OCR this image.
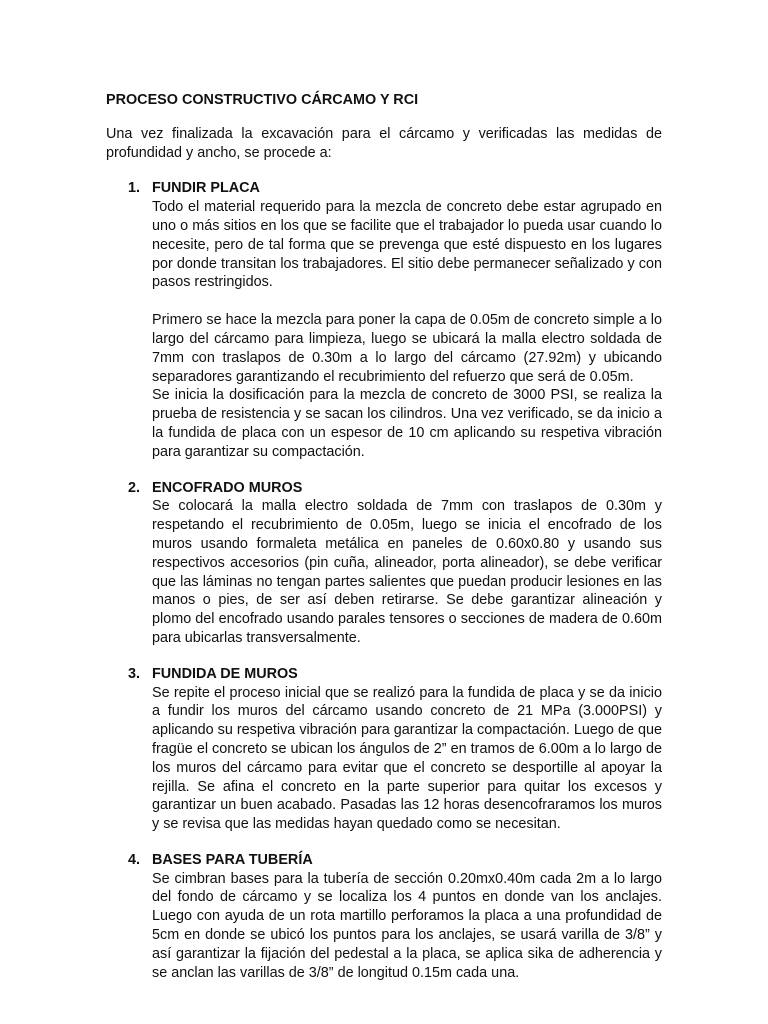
PROCESO CONSTRUCTIVO CÁRCAMO Y RCI

Una vez finalizada la excavación para el cárcamo y verificadas las medidas de profundidad y ancho, se procede a:

1. FUNDIR PLACA

Todo el material requerido para la mezcla de concreto debe estar agrupado en uno o más sitios en los que se facilite que el trabajador lo pueda usar cuando lo necesite, pero de tal forma que se prevenga que esté dispuesto en los lugares por donde transitan los trabajadores. El sitio debe permanecer señalizado y con pasos restringidos.

Primero se hace la mezcla para poner la capa de 0.05m de concreto simple a lo largo del cárcamo para limpieza, luego se ubicará la malla electro soldada de 7mm con traslapos de 0.30m a lo largo del cárcamo (27.92m) y ubicando separadores garantizando el recubrimiento del refuerzo que será de 0.05m.

Se inicia la dosificación para la mezcla de concreto de 3000 PSI, se realiza la prueba de resistencia y se sacan los cilindros. Una vez verificado, se da inicio a la fundida de placa con un espesor de 10 cm aplicando su respetiva vibración para garantizar su compactación.

2. ENCOFRADO MUROS

Se colocará la malla electro soldada de 7mm con traslapos de 0.30m y respetando el recubrimiento de 0.05m, luego se inicia el encofrado de los muros usando formaleta metálica en paneles de 0.60x0.80 y usando sus respectivos accesorios (pin cuña, alineador, porta alineador), se debe verificar que las láminas no tengan partes salientes que puedan producir lesiones en las manos o pies, de ser así deben retirarse. Se debe garantizar alineación y plomo del encofrado usando parales tensores o secciones de madera de 0.60m para ubicarlas transversalmente.

3. FUNDIDA DE MUROS

Se repite el proceso inicial que se realizó para la fundida de placa y se da inicio a fundir los muros del cárcamo usando concreto de 21 MPa (3.000PSI) y aplicando su respetiva vibración para garantizar la compactación. Luego de que fragüe el concreto se ubican los ángulos de 2” en tramos de 6.00m a lo largo de los muros del cárcamo para evitar que el concreto se desportille al apoyar la rejilla. Se afina el concreto en la parte superior para quitar los excesos y garantizar un buen acabado. Pasadas las 12 horas desencofraramos los muros y se revisa que las medidas hayan quedado como se necesitan.

4. BASES PARA TUBERÍA

Se cimbran bases para la tubería de sección 0.20mx0.40m cada 2m a lo largo del fondo de cárcamo y se localiza los 4 puntos en donde van los anclajes. Luego con ayuda de un rota martillo perforamos la placa a una profundidad de 5cm en donde se ubicó los puntos para los anclajes, se usará varilla de 3/8” y así garantizar la fijación del pedestal a la placa, se aplica sika de adherencia y se anclan las varillas de 3/8” de longitud 0.15m cada una.
